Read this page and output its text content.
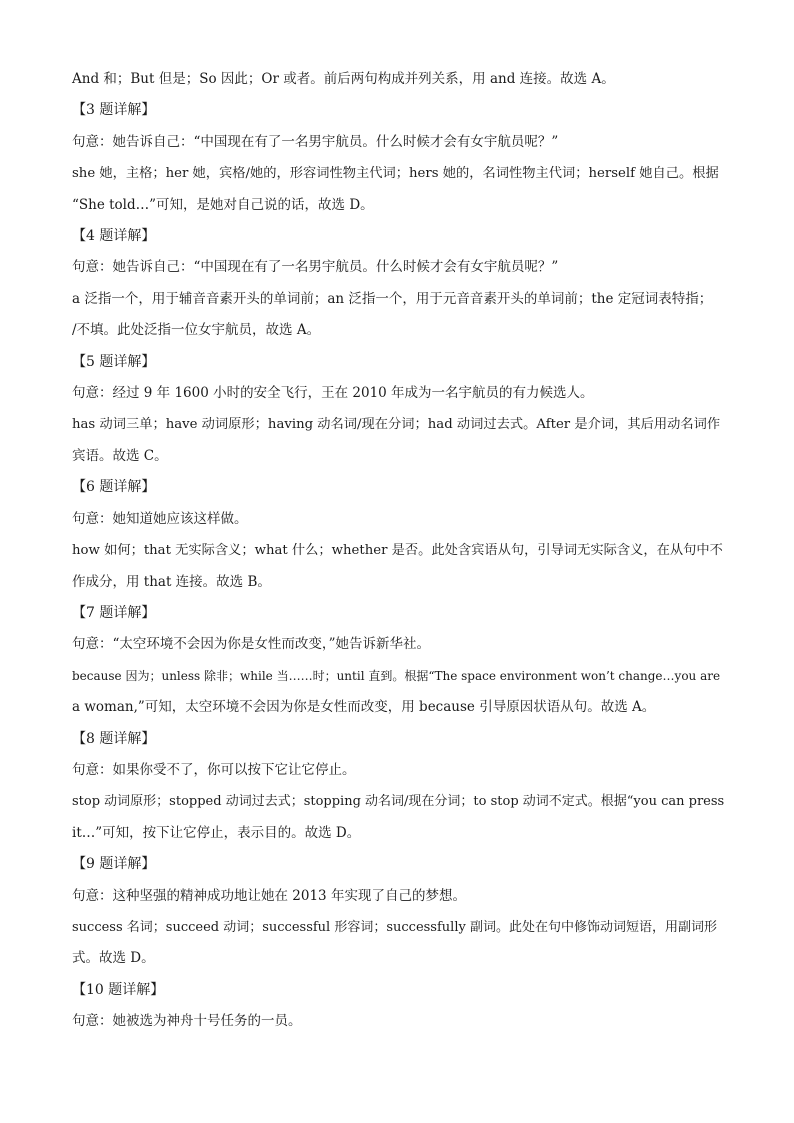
And 和；But 但是；So 因此；Or 或者。前后两句构成并列关系，用 and 连接。故选 A。
【3 题详解】
句意：她告诉自己：“中国现在有了一名男宇航员。什么时候才会有女宇航员呢？”
she 她，主格；her 她，宾格/她的，形容词性物主代词；hers 她的，名词性物主代词；herself 她自己。根据
“She told…”可知，是她对自己说的话，故选 D。
【4 题详解】
句意：她告诉自己：“中国现在有了一名男宇航员。什么时候才会有女宇航员呢？”
a 泛指一个，用于辅音音素开头的单词前；an 泛指一个，用于元音音素开头的单词前；the 定冠词表特指；
/不填。此处泛指一位女宇航员，故选 A。
【5 题详解】
句意：经过 9 年 1600 小时的安全飞行，王在 2010 年成为一名宇航员的有力候选人。
has 动词三单；have 动词原形；having 动名词/现在分词；had 动词过去式。After 是介词，其后用动名词作
宾语。故选 C。
【6 题详解】
句意：她知道她应该这样做。
how 如何；that 无实际含义；what 什么；whether 是否。此处含宾语从句，引导词无实际含义，在从句中不
作成分，用 that 连接。故选 B。
【7 题详解】
句意：“太空环境不会因为你是女性而改变，”她告诉新华社。
because 因为；unless 除非；while 当……时；until 直到。根据“The space environment won’t change…you are
a woman,”可知，太空环境不会因为你是女性而改变，用 because 引导原因状语从句。故选 A。
【8 题详解】
句意：如果你受不了，你可以按下它让它停止。
stop 动词原形；stopped 动词过去式；stopping 动名词/现在分词；to stop 动词不定式。根据“you can press
it…”可知，按下让它停止，表示目的。故选 D。
【9 题详解】
句意：这种坚强的精神成功地让她在 2013 年实现了自己的梦想。
success 名词；succeed 动词；successful 形容词；successfully 副词。此处在句中修饰动词短语，用副词形
式。故选 D。
【10 题详解】
句意：她被选为神舟十号任务的一员。
